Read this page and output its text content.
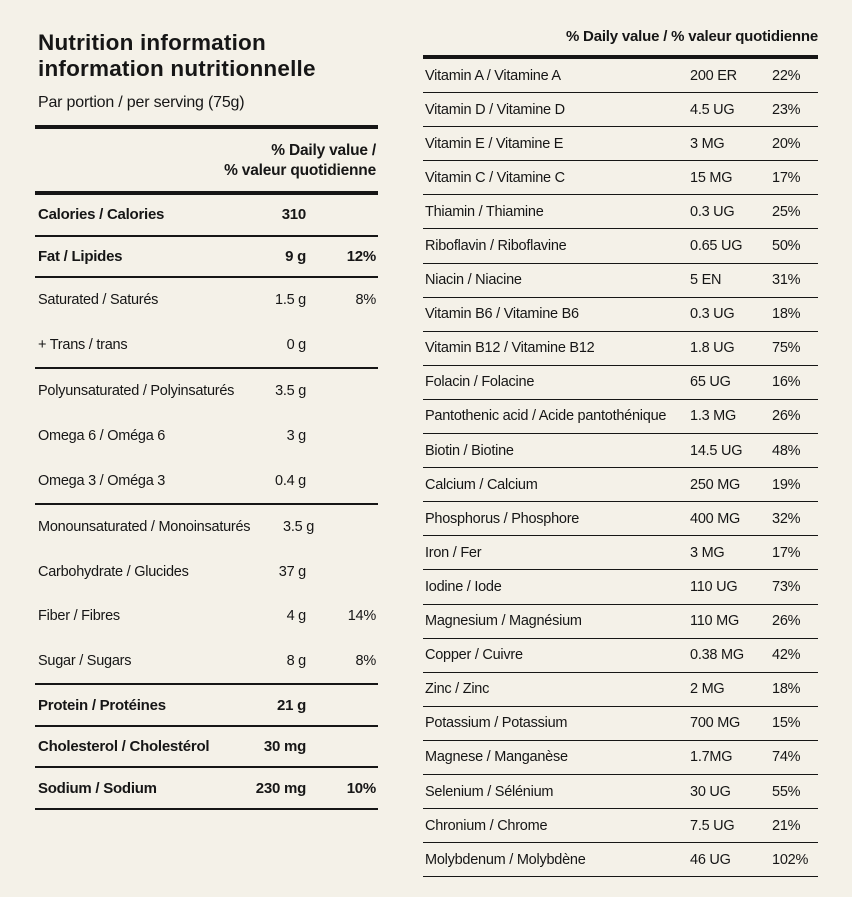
Nutrition information
information nutritionnelle
Par portion / per serving (75g)
% Daily value /
% valeur quotidienne
Calories / Calories	310
Fat / Lipides	9 g	12%
Saturated / Saturés	1.5 g	8%
+ Trans / trans	0 g
Polyunsaturated / Polyinsaturés	3.5 g
Omega 6 / Oméga 6	3 g
Omega 3 / Oméga 3	0.4 g
Monounsaturated / Monoinsaturés	3.5 g
Carbohydrate / Glucides	37 g
Fiber / Fibres	4 g	14%
Sugar / Sugars	8 g	8%
Protein / Protéines	21 g
Cholesterol / Cholestérol	30 mg
Sodium / Sodium	230 mg	10%
% Daily value / % valeur quotidienne
Vitamin A / Vitamine A	200 ER	22%
Vitamin D / Vitamine D	4.5 UG	23%
Vitamin E / Vitamine E	3 MG	20%
Vitamin C / Vitamine C	15 MG	17%
Thiamin / Thiamine	0.3 UG	25%
Riboflavin / Riboflavine	0.65 UG	50%
Niacin / Niacine	5 EN	31%
Vitamin B6 / Vitamine B6	0.3 UG	18%
Vitamin B12 / Vitamine B12	1.8 UG	75%
Folacin / Folacine	65 UG	16%
Pantothenic acid / Acide pantothénique	1.3 MG	26%
Biotin / Biotine	14.5 UG	48%
Calcium / Calcium	250 MG	19%
Phosphorus / Phosphore	400 MG	32%
Iron / Fer	3 MG	17%
Iodine / Iode	110 UG	73%
Magnesium / Magnésium	110 MG	26%
Copper / Cuivre	0.38 MG	42%
Zinc / Zinc	2 MG	18%
Potassium / Potassium	700 MG	15%
Magnese / Manganèse	1.7MG	74%
Selenium / Sélénium	30 UG	55%
Chronium / Chrome	7.5 UG	21%
Molybdenum / Molybdène	46 UG	102%
